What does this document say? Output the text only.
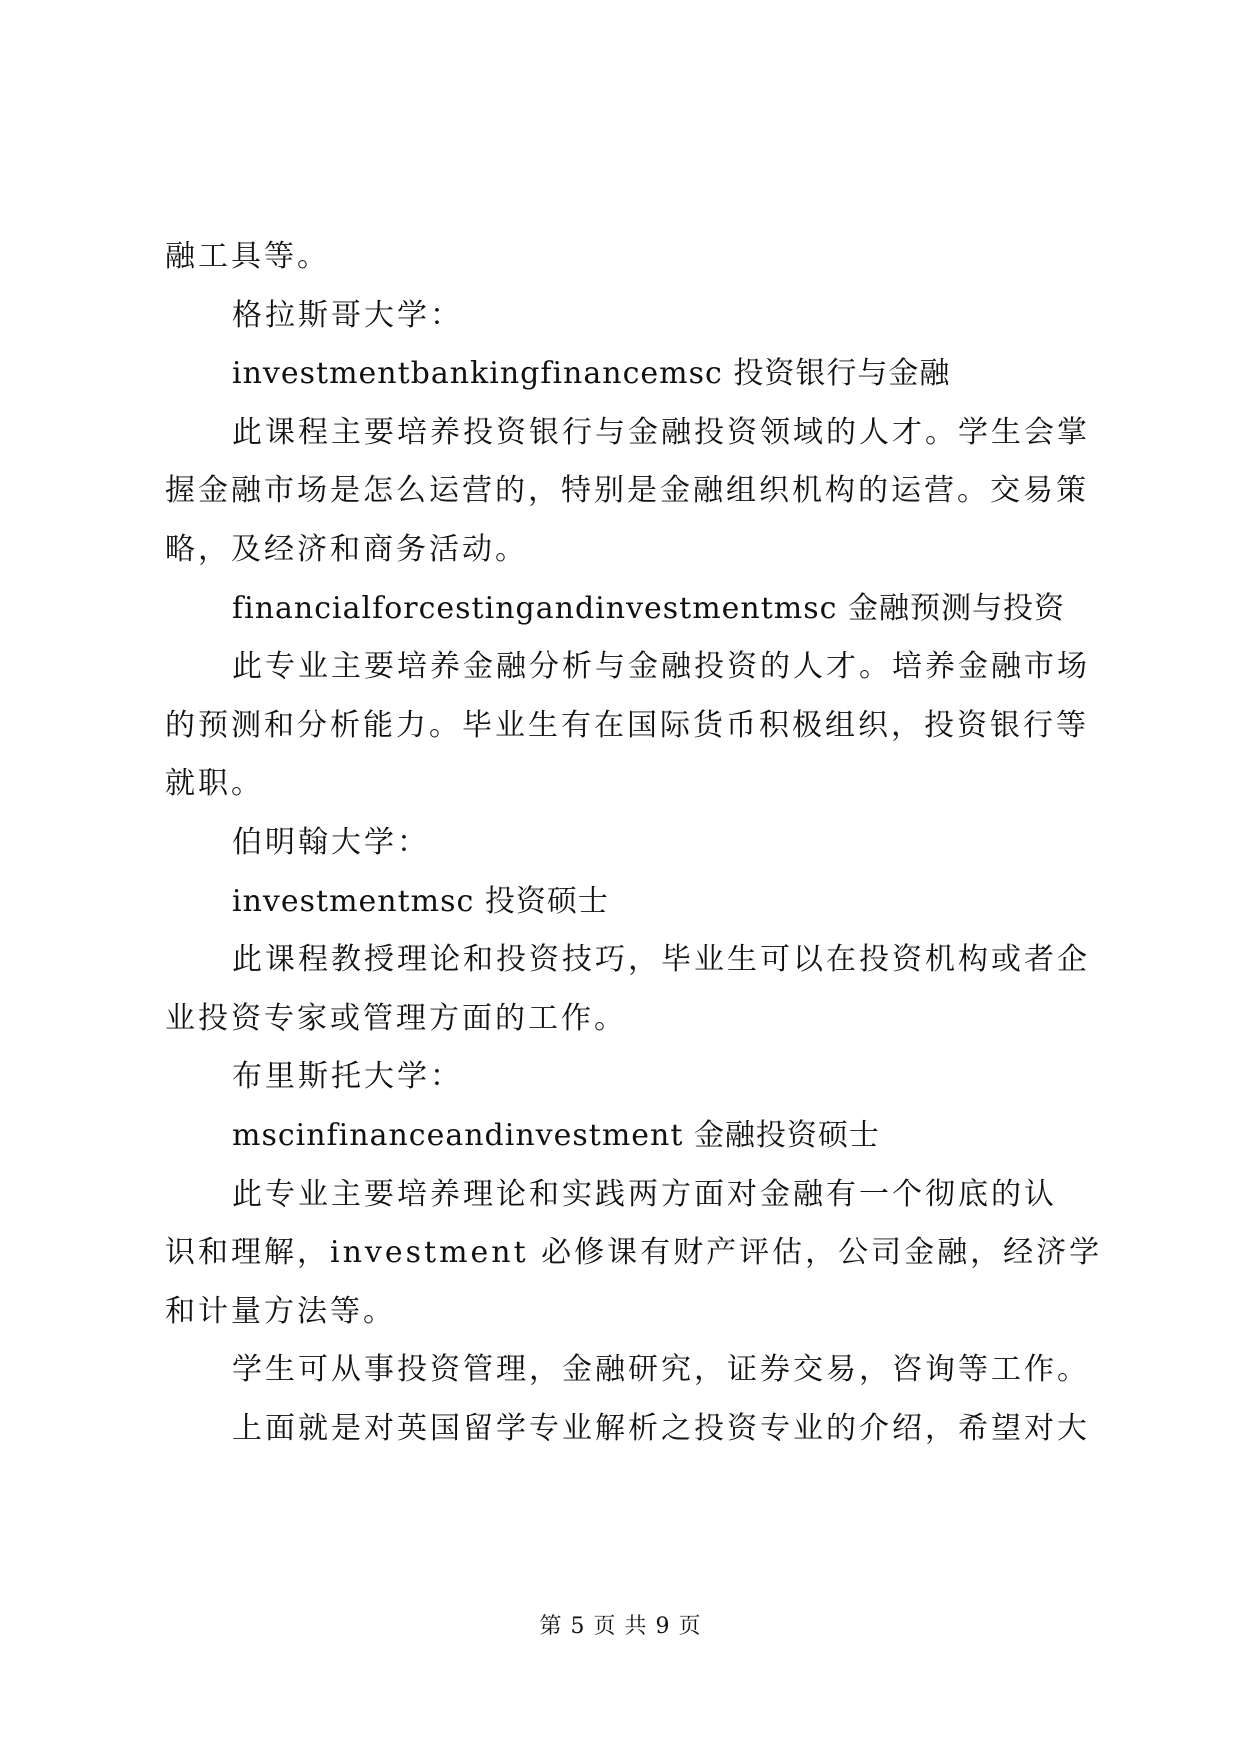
融工具等。
格拉斯哥大学：
investmentbankingfinancemsc 投资银行与金融
此课程主要培养投资银行与金融投资领域的人才。学生会掌
握金融市场是怎么运营的，特别是金融组织机构的运营。交易策
略，及经济和商务活动。
financialforcestingandinvestmentmsc 金融预测与投资
此专业主要培养金融分析与金融投资的人才。培养金融市场
的预测和分析能力。毕业生有在国际货币积极组织，投资银行等
就职。
伯明翰大学：
investmentmsc 投资硕士
此课程教授理论和投资技巧，毕业生可以在投资机构或者企
业投资专家或管理方面的工作。
布里斯托大学：
mscinfinanceandinvestment 金融投资硕士
此专业主要培养理论和实践两方面对金融有一个彻底的认
识和理解，investment 必修课有财产评估，公司金融，经济学
和计量方法等。
学生可从事投资管理，金融研究，证券交易，咨询等工作。
上面就是对英国留学专业解析之投资专业的介绍，希望对大
第 5 页 共 9 页
